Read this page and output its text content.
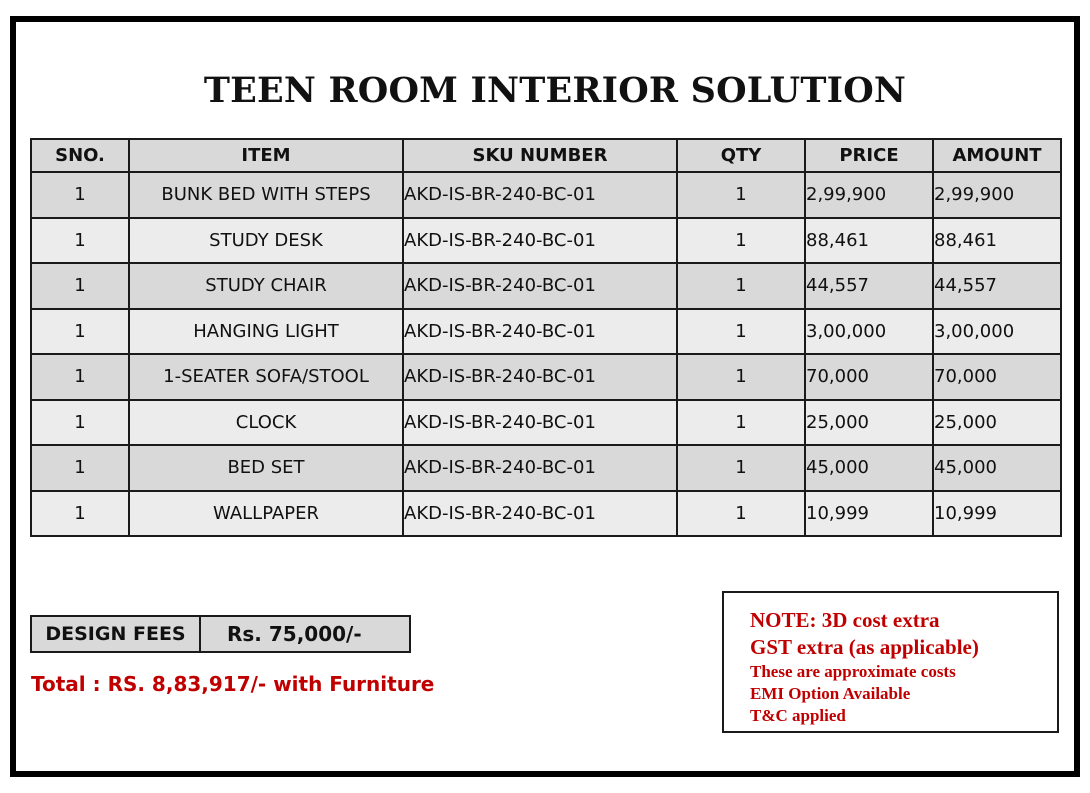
TEEN ROOM INTERIOR SOLUTION
SNO.	ITEM	SKU NUMBER	QTY	PRICE	AMOUNT
1	BUNK BED WITH STEPS	AKD-IS-BR-240-BC-01	1	2,99,900	2,99,900
1	STUDY DESK	AKD-IS-BR-240-BC-01	1	88,461	88,461
1	STUDY CHAIR	AKD-IS-BR-240-BC-01	1	44,557	44,557
1	HANGING LIGHT	AKD-IS-BR-240-BC-01	1	3,00,000	3,00,000
1	1-SEATER SOFA/STOOL	AKD-IS-BR-240-BC-01	1	70,000	70,000
1	CLOCK	AKD-IS-BR-240-BC-01	1	25,000	25,000
1	BED SET	AKD-IS-BR-240-BC-01	1	45,000	45,000
1	WALLPAPER	AKD-IS-BR-240-BC-01	1	10,999	10,999
DESIGN FEES	Rs. 75,000/-
Total : RS. 8,83,917/- with Furniture
NOTE: 3D cost extra
GST extra (as applicable)
These are approximate costs
EMI Option Available
T&C applied
